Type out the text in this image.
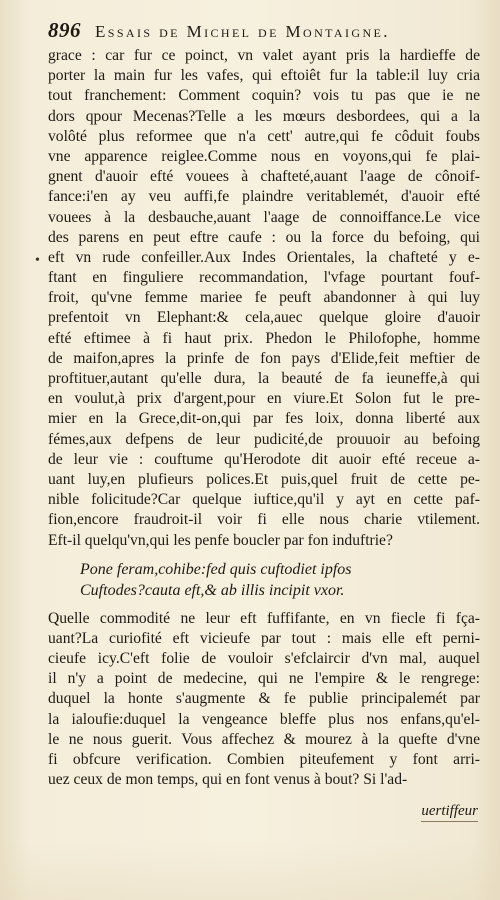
896 Essais de Michel de Montaigne.
•
grace : car fur ce poinct, vn valet ayant pris la hardieffe de
porter la main fur les vafes, qui eftoiêt fur la table:il luy cria
tout franchement: Comment coquin? vois tu pas que ie ne
dors qpour Mecenas?Telle a les mœurs desbordees, qui a la
volôté plus reformee que n'a cett' autre,qui fe côduit foubs
vne apparence reiglee.Comme nous en voyons,qui fe plai-
gnent d'auoir efté vouees à chafteté,auant l'aage de cônoif-
fance:i'en ay veu auffi,fe plaindre veritablemét, d'auoir efté
vouees à la desbauche,auant l'aage de connoiffance.Le vice
des parens en peut eftre caufe : ou la force du befoing, qui
eft vn rude confeiller.Aux Indes Orientales, la chafteté y e-
ftant en finguliere recommandation, l'vfage pourtant fouf-
froit, qu'vne femme mariee fe peuft abandonner à qui luy
prefentoit vn Elephant:& cela,auec quelque gloire d'auoir
efté eftimee à fi haut prix. Phedon le Philofophe, homme
de maifon,apres la prinfe de fon pays d'Elide,feit meftier de
proftituer,autant qu'elle dura, la beauté de fa ieuneffe,à qui
en voulut,à prix d'argent,pour en viure.Et Solon fut le pre-
mier en la Grece,dit-on,qui par fes loix, donna liberté aux
fémes,aux defpens de leur pudicité,de prouuoir au befoing
de leur vie : couftume qu'Herodote dit auoir efté receue a-
uant luy,en plufieurs polices.Et puis,quel fruit de cette pe-
nible folicitude?Car quelque iuftice,qu'il y ayt en cette paf-
fion,encore fraudroit-il voir fi elle nous charie vtilement.
Eft-il quelqu'vn,qui les penfe boucler par fon induftrie?
Pone feram,cohibe:fed quis cuftodiet ipfos
Cuftodes?cauta eft,& ab illis incipit vxor.
Quelle commodité ne leur eft fuffifante, en vn fiecle fi fça-
uant?La curiofité eft vicieufe par tout : mais elle eft perni-
cieufe icy.C'eft folie de vouloir s'efclaircir d'vn mal, auquel
il n'y a point de medecine, qui ne l'empire & le rengrege:
duquel la honte s'augmente & fe publie principalemét par
la ialoufie:duquel la vengeance bleffe plus nos enfans,qu'el-
le ne nous guerit. Vous affechez & mourez à la quefte d'vne
fi obfcure verification. Combien piteufement y font arri-
uez ceux de mon temps, qui en font venus à bout? Si l'ad-
uertiffeur
